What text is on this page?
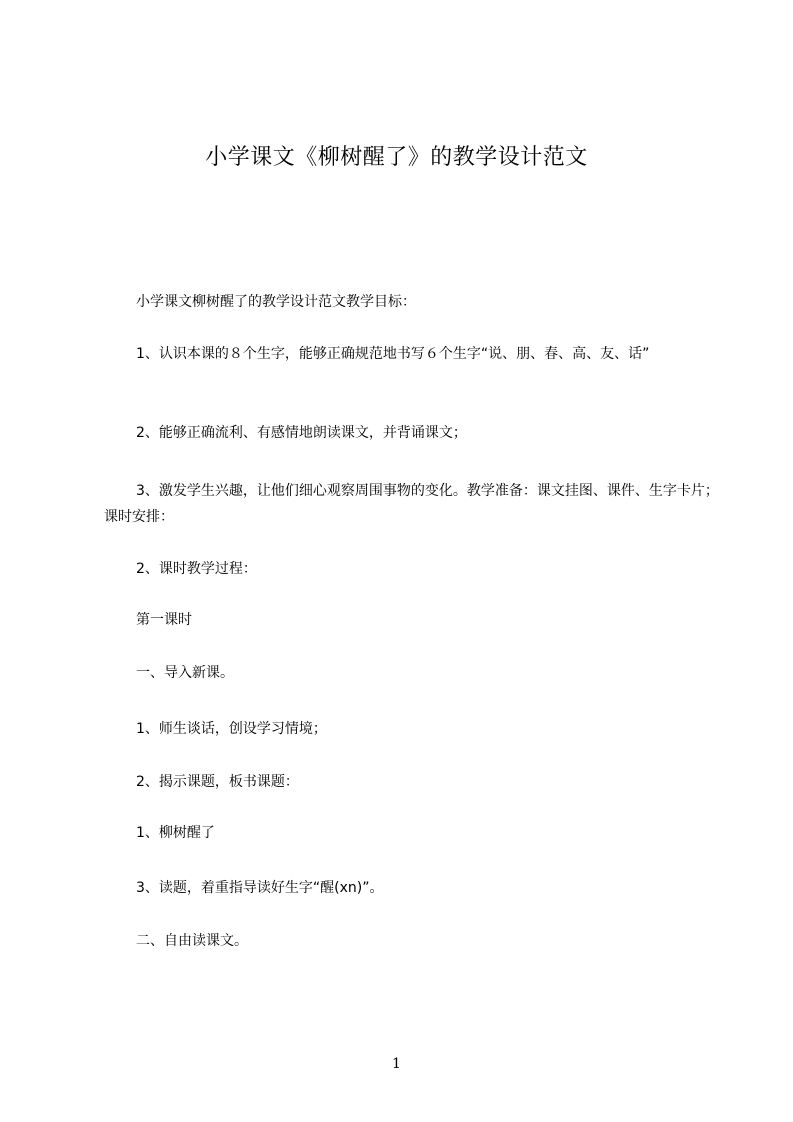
小学课文《柳树醒了》的教学设计范文

小学课文柳树醒了的教学设计范文教学目标：

1、认识本课的８个生字，能够正确规范地书写６个生字“说、朋、春、高、友、话”

2、能够正确流利、有感情地朗读课文，并背诵课文；

3、激发学生兴趣，让他们细心观察周围事物的变化。教学准备：课文挂图、课件、生字卡片；课时安排：

2、课时教学过程：

第一课时

一、导入新课。

1、师生谈话，创设学习情境；

2、揭示课题，板书课题：

1、柳树醒了

3、读题，着重指导读好生字“醒(xn)”。

二、自由读课文。

1
